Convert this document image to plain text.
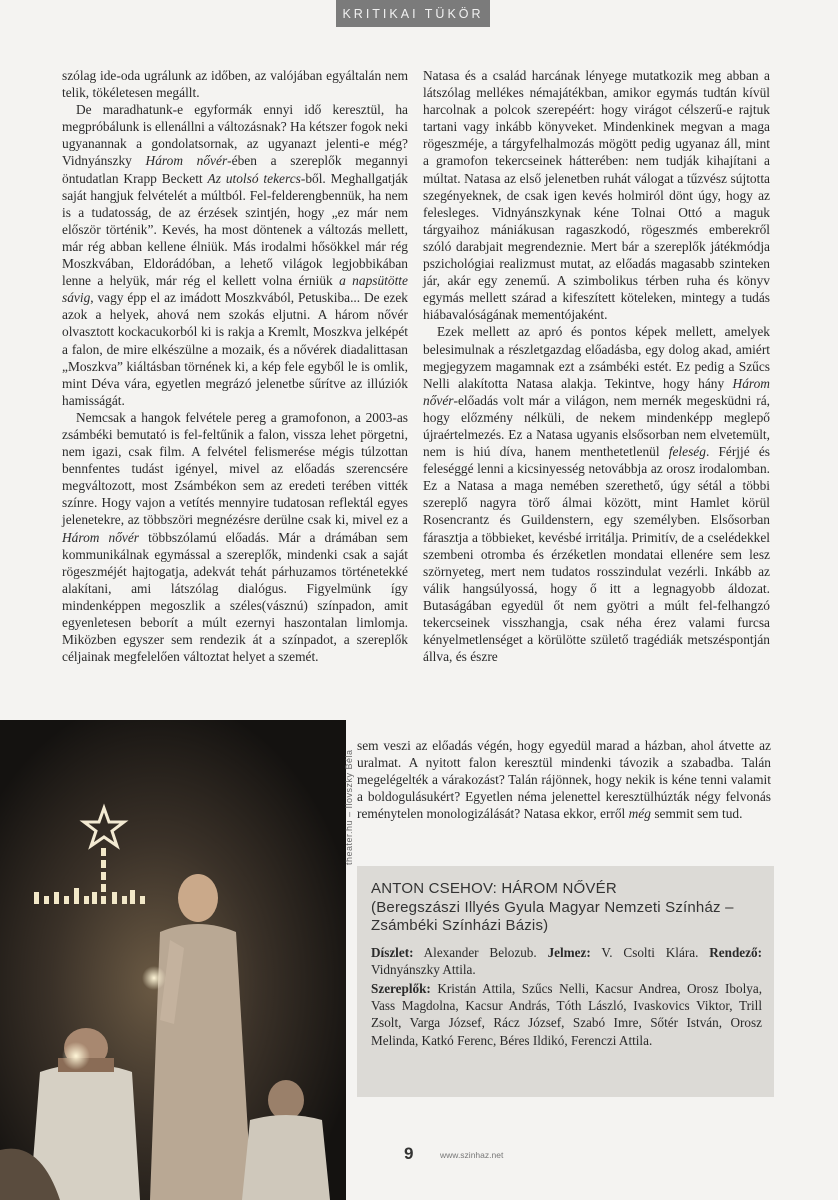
KRITIKAI TÜKÖR

szólag ide-oda ugrálunk az időben, az valójában egyáltalán nem telik, tökéletesen megállt.

De maradhatunk-e egyformák ennyi idő keresztül, ha megpróbálunk is ellenállni a változásnak? Ha kétszer fogok neki ugyanannak a gondolatsornak, az ugyanazt jelenti-e még? Vidnyánszky Három nővér-ében a szereplők megannyi öntudatlan Krapp Beckett Az utolsó tekercs-ből. Meghallgatják saját hangjuk felvételét a múltból. Fel-felderengbennük, ha nem is a tudatosság, de az érzések szintjén, hogy „ez már nem először történik”. Kevés, ha most döntenek a változás mellett, már rég abban kellene élniük. Más irodalmi hősökkel már rég Moszkvában, Eldorádóban, a lehető világok legjobbikában lenne a helyük, már rég el kellett volna érniük a napsütötte sávig, vagy épp el az imádott Moszkvából, Petuskiba... De ezek azok a helyek, ahová nem szokás eljutni. A három nővér olvasztott kockacukorból ki is rakja a Kremlt, Moszkva jelképét a falon, de mire elkészülne a mozaik, és a nővérek diadalittasan „Moszkva” kiáltásban törnének ki, a kép fele egyből le is omlik, mint Déva vára, egyetlen megrázó jelenetbe sűrítve az illúziók hamisságát.

Nemcsak a hangok felvétele pereg a gramofonon, a 2003-as zsámbéki bemutató is fel-feltűnik a falon, vissza lehet pörgetni, nem igazi, csak film. A felvétel felismerése mégis túlzottan bennfentes tudást igényel, mivel az előadás szerencsére megváltozott, most Zsámbékon sem az eredeti terében vitték színre. Hogy vajon a vetítés mennyire tudatosan reflektál egyes jelenetekre, az többszöri megnézésre derülne csak ki, mivel ez a Három nővér többszólamú előadás. Már a drámában sem kommunikálnak egymással a szereplők, mindenki csak a saját rögeszméjét hajtogatja, adekvát tehát párhuzamos történetekké alakítani, ami látszólag dialógus. Figyelmünk így mindenképpen megoszlik a széles(vásznú) színpadon, amit egyenletesen beborít a múlt ezernyi haszontalan limlomja. Miközben egyszer sem rendezik át a színpadot, a szereplők céljainak megfelelően változtat helyet a szemét.

Natasa és a család harcának lényege mutatkozik meg abban a látszólag mellékes némajátékban, amikor egymás tudtán kívül harcolnak a polcok szerepéért: hogy virágot célszerű-e rajtuk tartani vagy inkább könyveket. Mindenkinek megvan a maga rögeszméje, a tárgyfelhalmozás mögött pedig ugyanaz áll, mint a gramofon tekercseinek hátterében: nem tudják kihajítani a múltat. Natasa az első jelenetben ruhát válogat a tűzvész sújtotta szegényeknek, de csak igen kevés holmiról dönt úgy, hogy az felesleges. Vidnyánszkynak kéne Tolnai Ottó a maguk tárgyaihoz mániákusan ragaszkodó, rögeszmés emberekről szóló darabjait megrendeznie. Mert bár a szereplők játékmódja pszichológiai realizmust mutat, az előadás magasabb szinteken jár, akár egy zenemű. A szimbolikus térben ruha és könyv egymás mellett szárad a kifeszített köteleken, mintegy a tudás hiábavalóságának mementójaként.

Ezek mellett az apró és pontos képek mellett, amelyek belesimulnak a részletgazdag előadásba, egy dolog akad, amiért megjegyzem magamnak ezt a zsámbéki estét. Ez pedig a Szűcs Nelli alakította Natasa alakja. Tekintve, hogy hány Három nővér-előadás volt már a világon, nem mernék megesküdni rá, hogy előzmény nélküli, de nekem mindenképp meglepő újraértelmezés. Ez a Natasa ugyanis elsősorban nem elvetemült, nem is hiú díva, hanem menthetetlenül feleség. Férjjé és feleséggé lenni a kicsinyesség netovábbja az orosz irodalomban. Ez a Natasa a maga nemében szerethető, úgy sétál a többi szereplő nagyra törő álmai között, mint Hamlet körül Rosencrantz és Guildenstern, egy személyben. Elsősorban fárasztja a többieket, kevésbé irritálja. Primitív, de a cselédekkel szembeni otromba és érzéketlen mondatai ellenére sem lesz szörnyeteg, mert nem tudatos rosszindulat vezérli. Inkább az válik hangsúlyossá, hogy ő itt a legnagyobb áldozat. Butaságában egyedül őt nem gyötri a múlt fel-felhangzó tekercseinek visszhangja, csak néha érez valami furcsa kényelmetlenséget a körülötte születő tragédiák metszéspontján állva, és észre

sem veszi az előadás végén, hogy egyedül marad a házban, ahol átvette az uralmat. A nyitott falon keresztül mindenki távozik a szabadba. Talán megelégelték a várakozást? Talán rájönnek, hogy nekik is kéne tenni valamit a boldogulásukért? Egyetlen néma jelenettel keresztülhúzták négy felvonás reménytelen monologizálását? Natasa ekkor, erről még semmit sem tud.

theater.hu – Ilovszky Béla
ANTON CSEHOV: HÁROM NŐVÉR
(Beregszászi Illyés Gyula Magyar Nemzeti Színház –
Zsámbéki Színházi Bázis)
Díszlet: Alexander Belozub. Jelmez: V. Csolti Klára. Rendező: Vidnyánszky Attila.
Szereplők: Kristán Attila, Szűcs Nelli, Kacsur Andrea, Orosz Ibolya, Vass Magdolna, Kacsur András, Tóth László, Ivaskovics Viktor, Trill Zsolt, Varga József, Rácz József, Szabó Imre, Sőtér István, Orosz Melinda, Katkó Ferenc, Béres Ildikó, Ferenczi Attila.
9	www.szinhaz.net
